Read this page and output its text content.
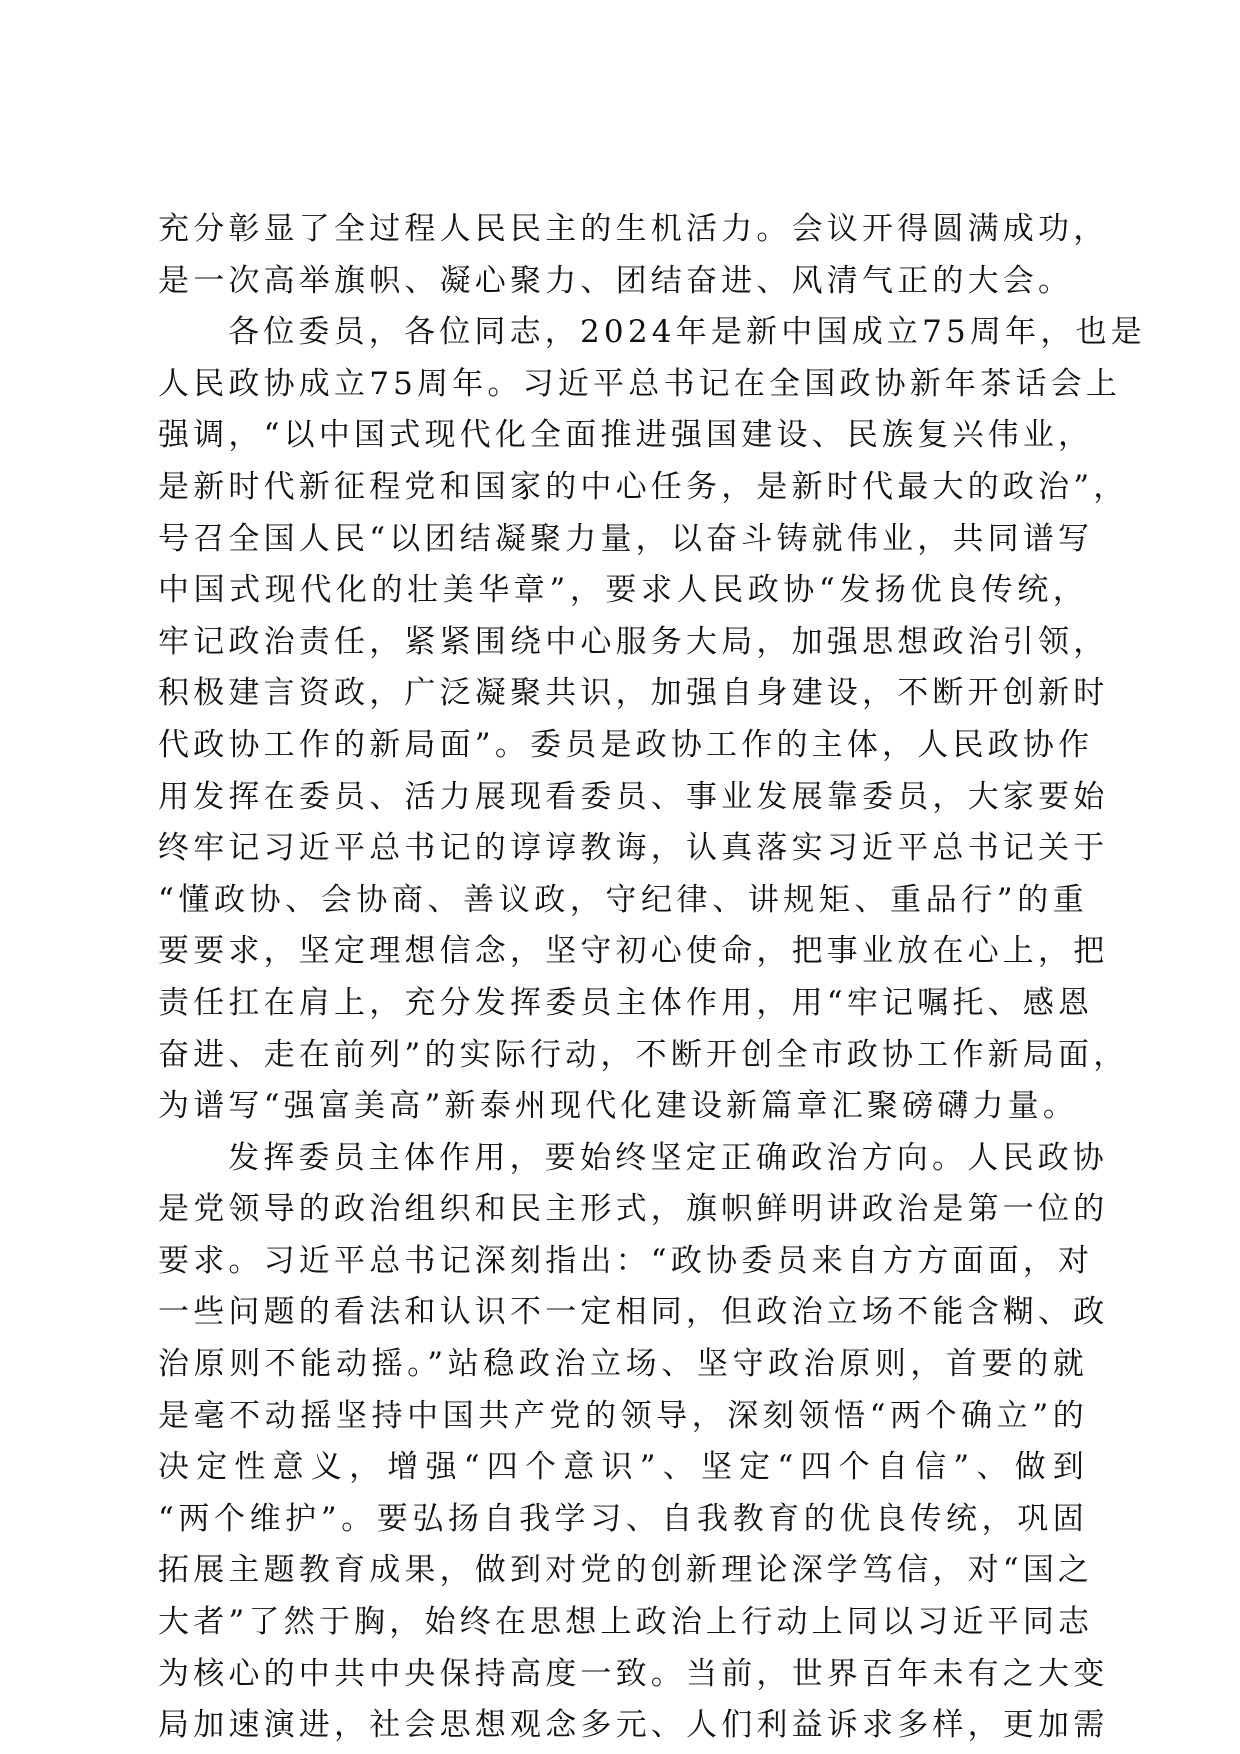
充分彰显了全过程人民民主的生机活力。会议开得圆满成功，
是一次高举旗帜、凝心聚力、团结奋进、风清气正的大会。
各位委员，各位同志，2024年是新中国成立75周年，也是
人民政协成立75周年。习近平总书记在全国政协新年茶话会上
强调，“以中国式现代化全面推进强国建设、民族复兴伟业，
是新时代新征程党和国家的中心任务，是新时代最大的政治”，
号召全国人民“以团结凝聚力量，以奋斗铸就伟业，共同谱写
中国式现代化的壮美华章”，要求人民政协“发扬优良传统，
牢记政治责任，紧紧围绕中心服务大局，加强思想政治引领，
积极建言资政，广泛凝聚共识，加强自身建设，不断开创新时
代政协工作的新局面”。委员是政协工作的主体，人民政协作
用发挥在委员、活力展现看委员、事业发展靠委员，大家要始
终牢记习近平总书记的谆谆教诲，认真落实习近平总书记关于
“懂政协、会协商、善议政，守纪律、讲规矩、重品行”的重
要要求，坚定理想信念，坚守初心使命，把事业放在心上，把
责任扛在肩上，充分发挥委员主体作用，用“牢记嘱托、感恩
奋进、走在前列”的实际行动，不断开创全市政协工作新局面，
为谱写“强富美高”新泰州现代化建设新篇章汇聚磅礴力量。
发挥委员主体作用，要始终坚定正确政治方向。人民政协
是党领导的政治组织和民主形式，旗帜鲜明讲政治是第一位的
要求。习近平总书记深刻指出：“政协委员来自方方面面，对
一些问题的看法和认识不一定相同，但政治立场不能含糊、政
治原则不能动摇。”站稳政治立场、坚守政治原则，首要的就
是毫不动摇坚持中国共产党的领导，深刻领悟“两个确立”的
决定性意义，增强“四个意识”、坚定“四个自信”、做到
“两个维护”。要弘扬自我学习、自我教育的优良传统，巩固
拓展主题教育成果，做到对党的创新理论深学笃信，对“国之
大者”了然于胸，始终在思想上政治上行动上同以习近平同志
为核心的中共中央保持高度一致。当前，世界百年未有之大变
局加速演进，社会思想观念多元、人们利益诉求多样，更加需
